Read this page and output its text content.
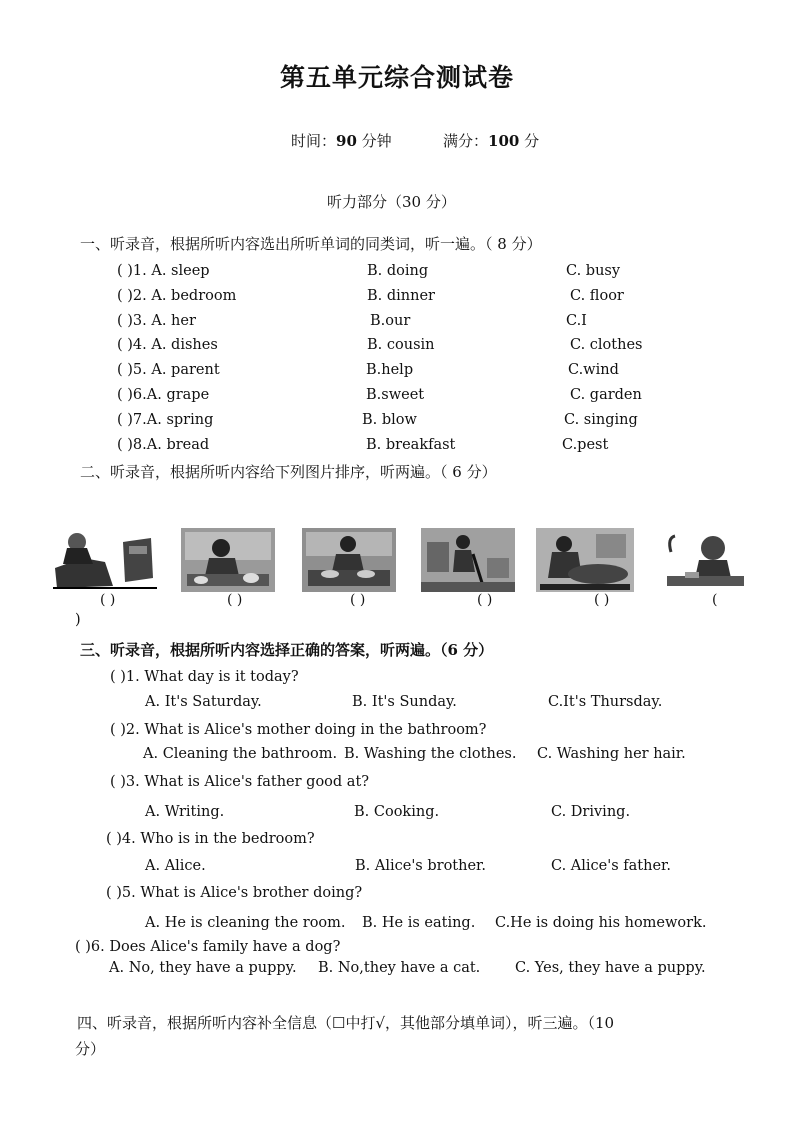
第五单元综合测试卷
时间：90 分钟	满分：100 分
听力部分（30 分）
一、听录音，根据所听内容选出所听单词的同类词，听一遍。（ 8 分）
( )1. A. sleep	B. doing	C. busy
( )2. A. bedroom	B. dinner	C. floor
( )3. A. her	B.our	C.I
( )4. A. dishes	B. cousin	C. clothes
( )5. A. parent	B.help	C.wind
( )6.A. grape	B.sweet	C. garden
( )7.A. spring	B. blow	C. singing
( )8.A. bread	B. breakfast	C.pest
二、听录音，根据所听内容给下列图片排序，听两遍。（ 6 分）
( )	( )	( )	( )	( )	(
)
三、听录音，根据所听内容选择正确的答案，听两遍。（6 分）
( )1. What day is it today?
A. It's Saturday.	B. It's Sunday.	C.It's Thursday.
( )2. What is Alice's mother doing in the bathroom?
A. Cleaning the bathroom. B. Washing the clothes. C. Washing her hair.
( )3. What is Alice's father good at?
A. Writing.	B. Cooking.	C. Driving.
( )4. Who is in the bedroom?
A. Alice.	B. Alice's brother.	C. Alice's father.
( )5. What is Alice's brother doing?
A. He is cleaning the room. B. He is eating. C.He is doing his homework.
( )6. Does Alice's family have a dog?
A. No, they have a puppy. B. No,they have a cat. C. Yes, they have a puppy.
四、听录音，根据所听内容补全信息（☐中打√，其他部分填单词），听三遍。（10
分）
